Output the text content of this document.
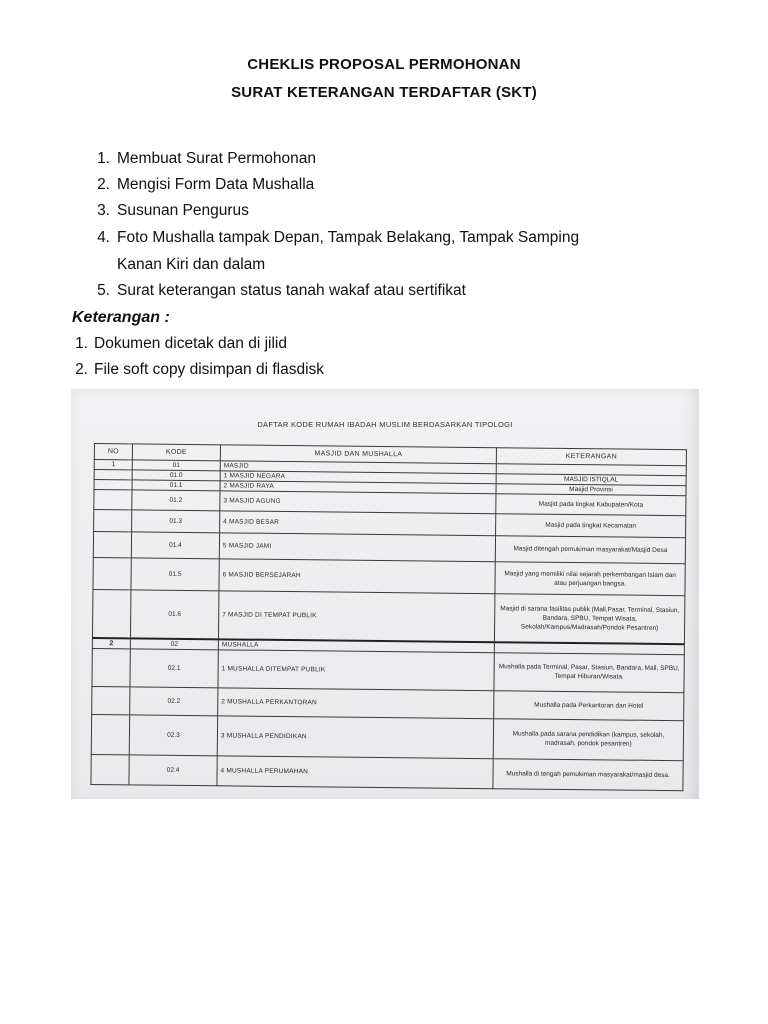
CHEKLIS PROPOSAL PERMOHONAN
SURAT KETERANGAN TERDAFTAR (SKT)
1. Membuat Surat Permohonan
2. Mengisi Form Data Mushalla
3. Susunan Pengurus
4. Foto Mushalla tampak Depan, Tampak Belakang, Tampak Samping
Kanan Kiri dan dalam
5. Surat keterangan status tanah wakaf atau sertifikat
Keterangan :
1. Dokumen dicetak dan di jilid
2. File soft copy disimpan di flasdisk
DAFTAR KODE RUMAH IBADAH MUSLIM BERDASARKAN TIPOLOGI
NO	KODE	MASJID DAN MUSHALLA	KETERANGAN
1	01	MASJID	
	01.0	1 MASJID NEGARA	MASJID ISTIQLAL
	01.1	2 MASJID RAYA	Masjid Provinsi
	01.2	3 MASJID AGUNG	Masjid pada tingkat Kabupaten/Kota
	01.3	4 MASJID BESAR	Masjid pada tingkat Kecamatan
	01.4	5 MASJID JAMI	Masjid ditengah pemukiman masyarakat/Masjid Desa
	01.5	6 MASJID BERSEJARAH	Masjid yang memiliki nilai sejarah perkembangan Islam dan atau perjuangan bangsa.
	01.6	7 MASJID DI TEMPAT PUBLIK	Masjid di sarana fasilitas publik (Mall,Pasar, Terminal, Stasiun, Bandara, SPBU, Tempat Wisata, Sekolah/Kampus/Madrasah/Pondok Pesantren)
2	02	MUSHALLA	
	02.1	1 MUSHALLA DITEMPAT PUBLIK	Mushalla pada Terminal, Pasar, Stasiun, Bandara, Mall, SPBU, Tempat Hiburan/Wisata.
	02.2	2 MUSHALLA PERKANTORAN	Mushalla pada Perkantoran dan Hotel
	02.3	3 MUSHALLA PENDIDIKAN	Mushalla pada sarana pendidikan (kampus, sekolah, madrasah, pondok pesantren)
	02.4	4 MUSHALLA PERUMAHAN	Mushalla di tengah pemukiman masyarakat/masjid desa.
